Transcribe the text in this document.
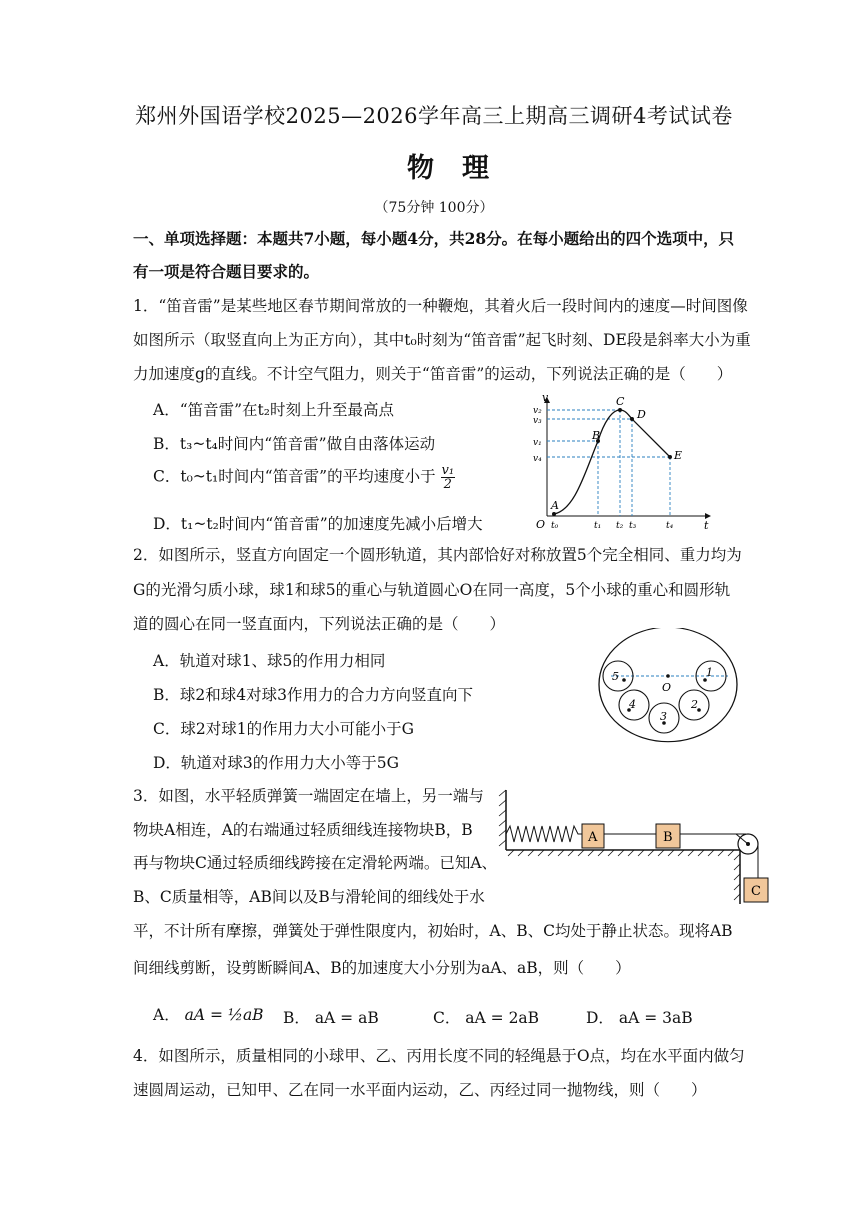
郑州外国语学校2025—2026学年高三上期高三调研4考试试卷
物理
（75分钟 100分）
一、单项选择题：本题共7小题，每小题4分，共28分。在每小题给出的四个选项中，只
有一项是符合题目要求的。
1．“笛音雷”是某些地区春节期间常放的一种鞭炮，其着火后一段时间内的速度—时间图像
如图所示（取竖直向上为正方向），其中t₀时刻为“笛音雷”起飞时刻、DE段是斜率大小为重
力加速度g的直线。不计空气阻力，则关于“笛音雷”的运动，下列说法正确的是（　　）
A．“笛音雷”在t₂时刻上升至最高点
B．t₃~t₄时间内“笛音雷”做自由落体运动
C．t₀~t₁时间内“笛音雷”的平均速度小于 $\frac{\text{v₁}}{2}$
D．t₁~t₂时间内“笛音雷”的加速度先减小后增大
v
t
O
A
B
C
D
E
v₂
v₃
v₁
v₄
t₀	t₁ t₂ t₃	t₄
2．如图所示，竖直方向固定一个圆形轨道，其内部恰好对称放置5个完全相同、重力均为
G的光滑匀质小球，球1和球5的重心与轨道圆心O在同一高度，5个小球的重心和圆形轨
道的圆心在同一竖直面内，下列说法正确的是（　　）
A．轨道对球1、球5的作用力相同
B．球2和球4对球3作用力的合力方向竖直向下
C．球2对球1的作用力大小可能小于G
D．轨道对球3的作用力大小等于5G
5	1
4	2
3
O
3．如图，水平轻质弹簧一端固定在墙上，另一端与
物块A相连，A的右端通过轻质细线连接物块B，B
再与物块C通过轻质细线跨接在定滑轮两端。已知A、
B、C质量相等，AB间以及B与滑轮间的细线处于水
平，不计所有摩擦，弹簧处于弹性限度内，初始时，A、B、C均处于静止状态。现将AB
间细线剪断，设剪断瞬间A、B的加速度大小分别为aA、aB，则（　　）
A． aA = ½aB B． aA = aB	C． aA = 2aB	D． aA = 3aB
A	B
C
4．如图所示，质量相同的小球甲、乙、丙用长度不同的轻绳悬于O点，均在水平面内做匀
速圆周运动，已知甲、乙在同一水平面内运动，乙、丙经过同一抛物线，则（　　）
